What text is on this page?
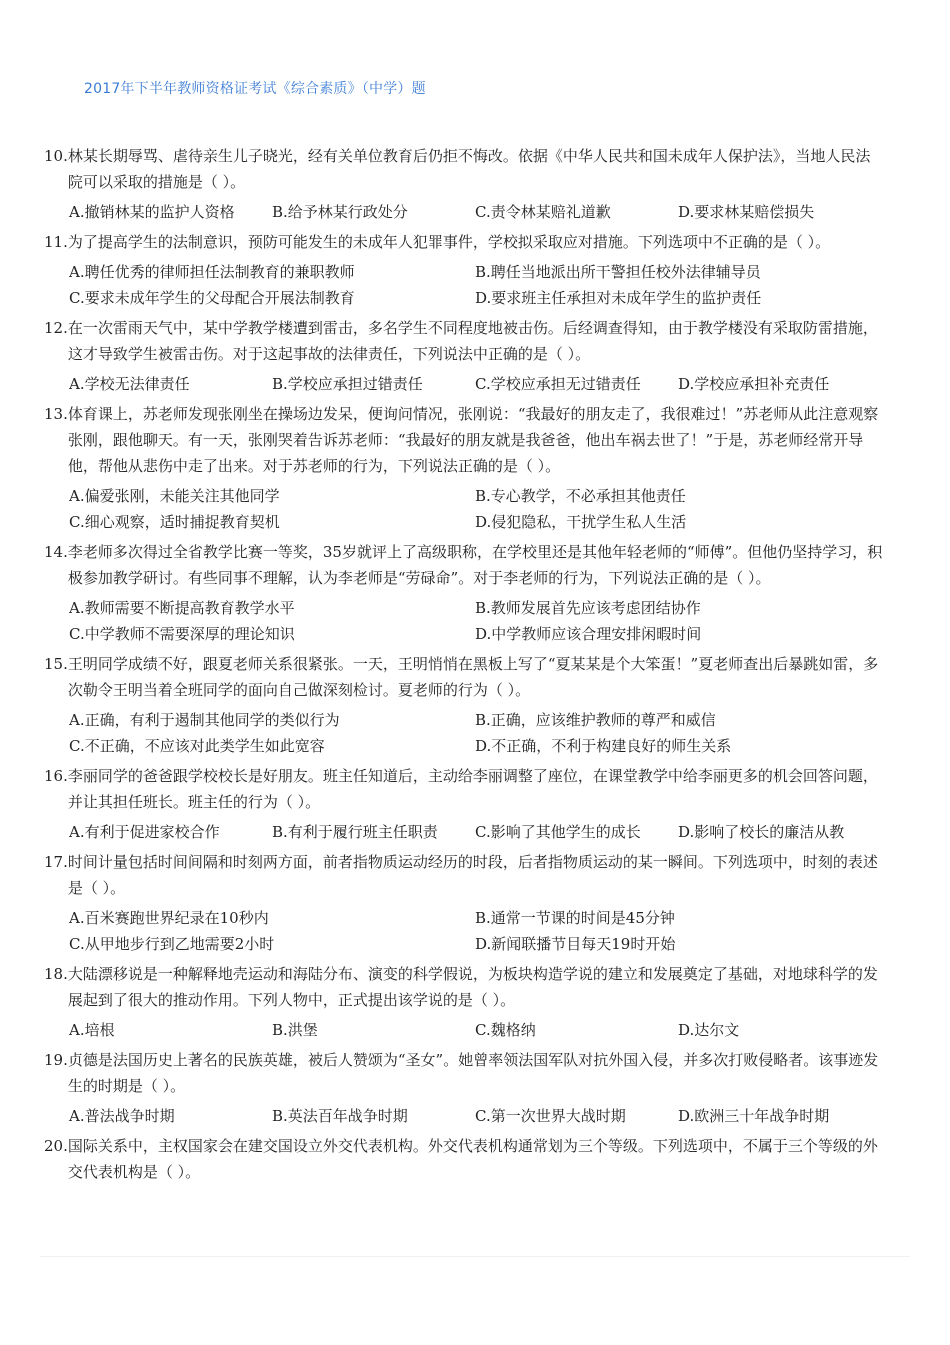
2017年下半年教师资格证考试《综合素质》（中学）题
10. 林某长期辱骂、虐待亲生儿子晓光，经有关单位教育后仍拒不悔改。依据《中华人民共和国未成年人保护法》，当地人民法院可以采取的措施是（ ）。
A.撤销林某的监护人资格	B.给予林某行政处分	C.责令林某赔礼道歉	D.要求林某赔偿损失
11. 为了提高学生的法制意识，预防可能发生的未成年人犯罪事件，学校拟采取应对措施。下列选项中不正确的是（ ）。
A.聘任优秀的律师担任法制教育的兼职教师	B.聘任当地派出所干警担任校外法律辅导员
C.要求未成年学生的父母配合开展法制教育	D.要求班主任承担对未成年学生的监护责任
12. 在一次雷雨天气中，某中学教学楼遭到雷击，多名学生不同程度地被击伤。后经调查得知，由于教学楼没有采取防雷措施，这才导致学生被雷击伤。对于这起事故的法律责任，下列说法中正确的是（ ）。
A.学校无法律责任	B.学校应承担过错责任	C.学校应承担无过错责任	D.学校应承担补充责任
13. 体育课上，苏老师发现张刚坐在操场边发呆，便询问情况，张刚说：“我最好的朋友走了，我很难过！”苏老师从此注意观察张刚，跟他聊天。有一天，张刚哭着告诉苏老师：“我最好的朋友就是我爸爸，他出车祸去世了！”于是，苏老师经常开导他，帮他从悲伤中走了出来。对于苏老师的行为，下列说法正确的是（ ）。
A.偏爱张刚，未能关注其他同学	B.专心教学，不必承担其他责任
C.细心观察，适时捕捉教育契机	D.侵犯隐私，干扰学生私人生活
14. 李老师多次得过全省教学比赛一等奖，35岁就评上了高级职称，在学校里还是其他年轻老师的“师傅”。但他仍坚持学习，积极参加教学研讨。有些同事不理解，认为李老师是“劳碌命”。对于李老师的行为，下列说法正确的是（ ）。
A.教师需要不断提高教育教学水平	B.教师发展首先应该考虑团结协作
C.中学教师不需要深厚的理论知识	D.中学教师应该合理安排闲暇时间
15. 王明同学成绩不好，跟夏老师关系很紧张。一天，王明悄悄在黑板上写了“夏某某是个大笨蛋！”夏老师查出后暴跳如雷，多次勒令王明当着全班同学的面向自己做深刻检讨。夏老师的行为（ ）。
A.正确，有利于遏制其他同学的类似行为	B.正确，应该维护教师的尊严和威信
C.不正确，不应该对此类学生如此宽容	D.不正确，不利于构建良好的师生关系
16. 李丽同学的爸爸跟学校校长是好朋友。班主任知道后，主动给李丽调整了座位，在课堂教学中给李丽更多的机会回答问题，并让其担任班长。班主任的行为（ ）。
A.有利于促进家校合作	B.有利于履行班主任职责	C.影响了其他学生的成长	D.影响了校长的廉洁从教
17. 时间计量包括时间间隔和时刻两方面，前者指物质运动经历的时段，后者指物质运动的某一瞬间。下列选项中，时刻的表述是（ ）。
A.百米赛跑世界纪录在10秒内	B.通常一节课的时间是45分钟
C.从甲地步行到乙地需要2小时	D.新闻联播节目每天19时开始
18. 大陆漂移说是一种解释地壳运动和海陆分布、演变的科学假说，为板块构造学说的建立和发展奠定了基础，对地球科学的发展起到了很大的推动作用。下列人物中，正式提出该学说的是（ ）。
A.培根	B.洪堡	C.魏格纳	D.达尔文
19. 贞德是法国历史上著名的民族英雄，被后人赞颂为“圣女”。她曾率领法国军队对抗外国入侵，并多次打败侵略者。该事迹发生的时期是（ ）。
A.普法战争时期	B.英法百年战争时期	C.第一次世界大战时期	D.欧洲三十年战争时期
20. 国际关系中，主权国家会在建交国设立外交代表机构。外交代表机构通常划为三个等级。下列选项中，不属于三个等级的外交代表机构是（ ）。
